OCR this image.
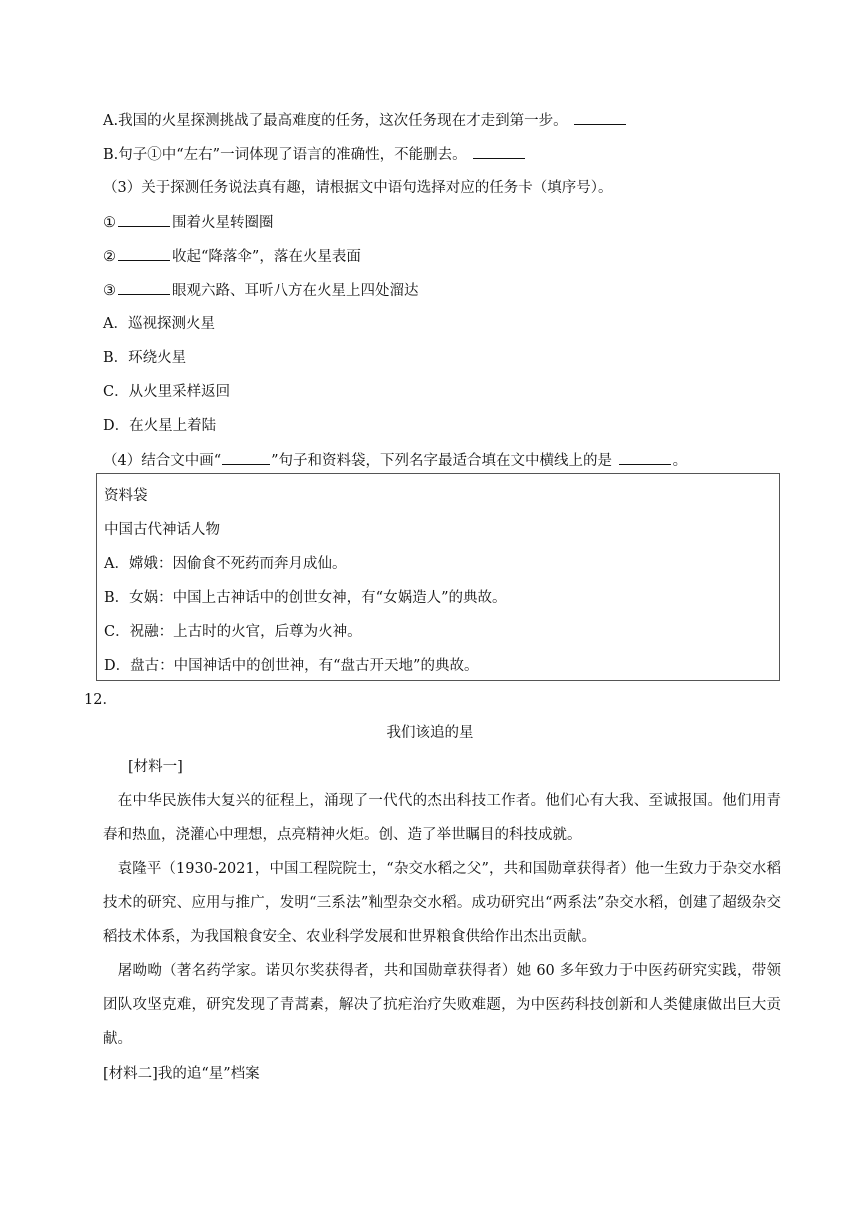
A.我国的火星探测挑战了最高难度的任务，这次任务现在才走到第一步。
B.句子①中“左右”一词体现了语言的准确性，不能删去。
（3）关于探测任务说法真有趣，请根据文中语句选择对应的任务卡（填序号）。
①	围着火星转圈圈
②	收起“降落伞”，落在火星表面
③	眼观六路、耳听八方在火星上四处溜达
A．巡视探测火星
B．环绕火星
C．从火里采样返回
D．在火星上着陆
（4）结合文中画“	”句子和资料袋，下列名字最适合填在文中横线上的是	。
资料袋
中国古代神话人物
A．嫦娥：因偷食不死药而奔月成仙。
B．女娲：中国上古神话中的创世女神，有“女娲造人”的典故。
C．祝融：上古时的火官，后尊为火神。
D．盘古：中国神话中的创世神，有“盘古开天地”的典故。
12．
我们该追的星
[材料一]
在中华民族伟大复兴的征程上，涌现了一代代的杰出科技工作者。他们心有大我、至诚报国。他们用青春和热血，浇灌心中理想，点亮精神火炬。创、造了举世瞩目的科技成就。
袁隆平（1930-2021，中国工程院院士，“杂交水稻之父”，共和国勋章获得者）他一生致力于杂交水稻技术的研究、应用与推广，发明“三系法”籼型杂交水稻。成功研究出“两系法”杂交水稻，创建了超级杂交稻技术体系，为我国粮食安全、农业科学发展和世界粮食供给作出杰出贡献。
屠呦呦（著名药学家。诺贝尔奖获得者，共和国勋章获得者）她 60 多年致力于中医药研究实践，带领团队攻坚克难，研究发现了青蒿素，解决了抗疟治疗失败难题，为中医药科技创新和人类健康做出巨大贡献。
[材料二]我的追“星”档案
